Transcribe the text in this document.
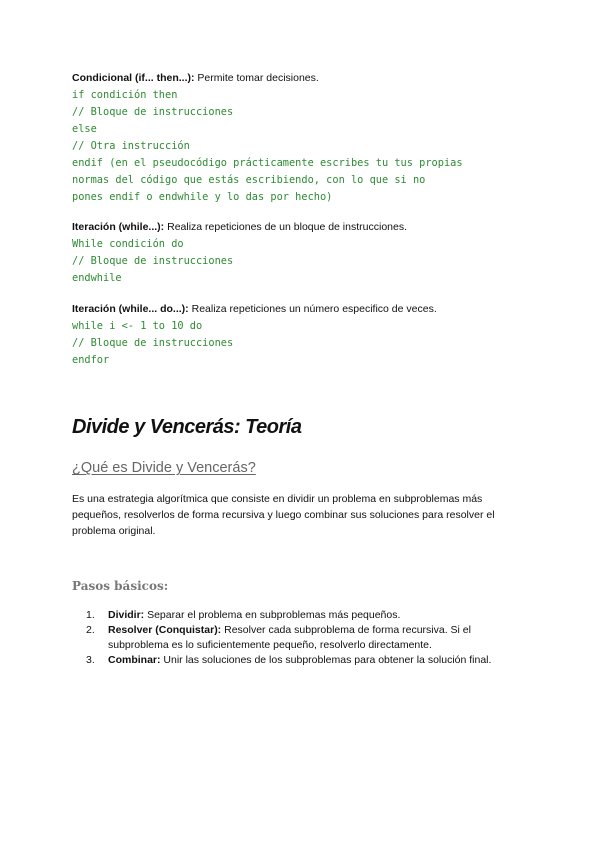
Condicional (if... then...): Permite tomar decisiones.
if condición then
// Bloque de instrucciones
else
// Otra instrucción
endif (en el pseudocódigo prácticamente escribes tu tus propias
normas del código que estás escribiendo, con lo que si no
pones endif o endwhile y lo das por hecho)
Iteración (while...): Realiza repeticiones de un bloque de instrucciones.
While condición do
// Bloque de instrucciones
endwhile
Iteración (while... do...): Realiza repeticiones un número especifico de veces.
while i <- 1 to 10 do
// Bloque de instrucciones
endfor
Divide y Vencerás: Teoría
¿Qué es Divide y Vencerás?
Es una estrategia algorítmica que consiste en dividir un problema en subproblemas más pequeños, resolverlos de forma recursiva y luego combinar sus soluciones para resolver el problema original.
Pasos básicos:
1. Dividir: Separar el problema en subproblemas más pequeños.
2. Resolver (Conquistar): Resolver cada subproblema de forma recursiva. Si el subproblema es lo suficientemente pequeño, resolverlo directamente.
3. Combinar: Unir las soluciones de los subproblemas para obtener la solución final.
